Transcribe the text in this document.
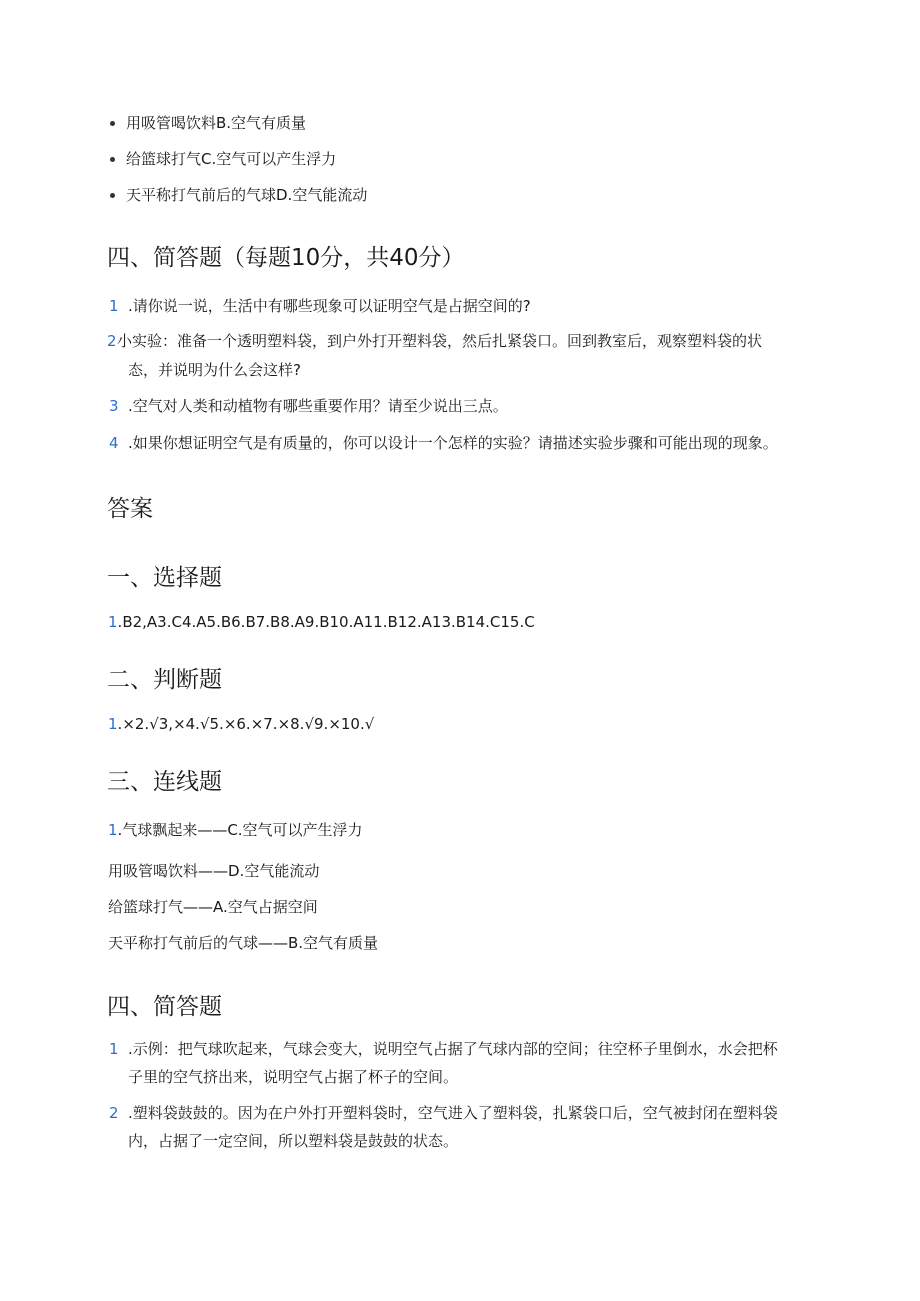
用吸管喝饮料B.空气有质量
给篮球打气C.空气可以产生浮力
天平称打气前后的气球D.空气能流动
四、简答题（每题10分，共40分）
1 .请你说一说，生活中有哪些现象可以证明空气是占据空间的?
2 小实验：准备一个透明塑料袋，到户外打开塑料袋，然后扎紧袋口。回到教室后，观察塑料袋的状
态，并说明为什么会这样?
3 .空气对人类和动植物有哪些重要作用？请至少说出三点。
4 .如果你想证明空气是有质量的，你可以设计一个怎样的实验？请描述实验步骤和可能出现的现象。
答案
一、选择题
1.B2,A3.C4.A5.B6.B7.B8.A9.B10.A11.B12.A13.B14.C15.C
二、判断题
1.×2.√3,×4.√5.×6.×7.×8.√9.×10.√
三、连线题
1.气球飘起来——C.空气可以产生浮力
用吸管喝饮料——D.空气能流动
给篮球打气——A.空气占据空间
天平称打气前后的气球——B.空气有质量
四、简答题
1 .示例：把气球吹起来，气球会变大，说明空气占据了气球内部的空间；往空杯子里倒水，水会把杯
子里的空气挤出来，说明空气占据了杯子的空间。
2 .塑料袋鼓鼓的。因为在户外打开塑料袋时，空气进入了塑料袋，扎紧袋口后，空气被封闭在塑料袋
内，占据了一定空间，所以塑料袋是鼓鼓的状态。
